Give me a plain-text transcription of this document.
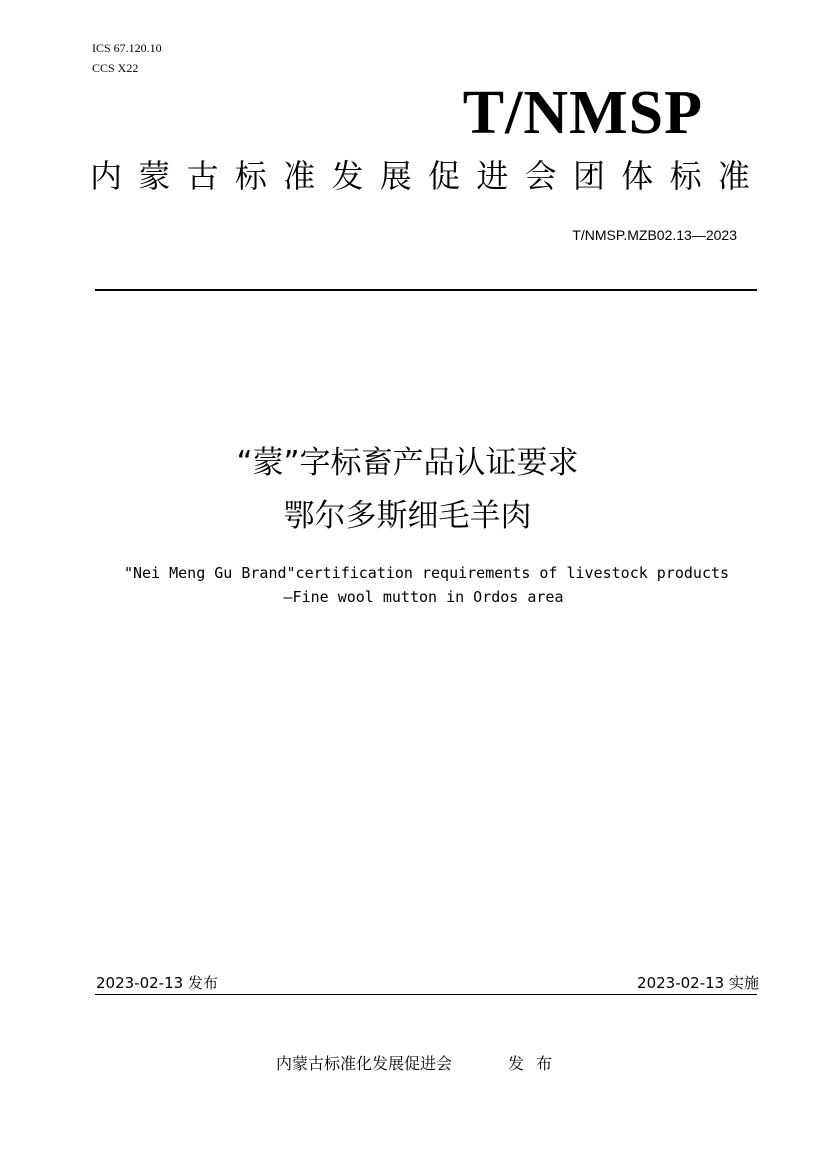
ICS 67.120.10
CCS X22
T/NMSP
内 蒙 古 标 准 发 展 促 进 会 团 体 标 准
T/NMSP.MZB02.13—2023
“蒙”字标畜产品认证要求
鄂尔多斯细毛羊肉
"Nei Meng Gu Brand"certification requirements of livestock products
—Fine wool mutton in Ordos area
2023-02-13 发布	2023-02-13 实施
内蒙古标准化发展促进会	发布
